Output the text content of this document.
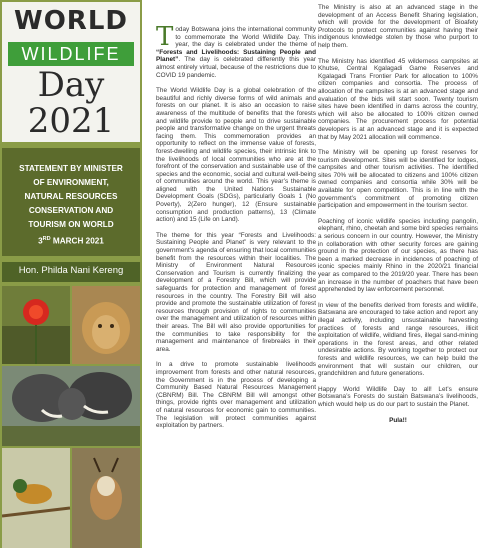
WORLD
WILDLIFE
Day
2021
STATEMENT BY MINISTER
OF ENVIRONMENT,
NATURAL RESOURCES
CONSERVATION AND
TOURISM ON WORLD
3RD MARCH 2021
Hon. Philda Nani Kereng

Today Botswana joins the international community to commemorate the World Wildlife Day. This year, the day is celebrated under the theme of “Forests and Livelihoods: Sustaining People and Planet”. The day is celebrated differently this year almost entirely virtual, because of the restrictions due to COVID 19 pandemic.

The World Wildlife Day is a global celebration of the beautiful and richly diverse forms of wild animals and forests on our planet. It is also an occasion to raise awareness of the multitude of benefits that the forests and wildlife provide to people and to drive sustainable people and transformative change on the urgent threats facing them. This commemoration provides an opportunity to reflect on the immense value of forests, forest-dwelling and wildlife species, their intrinsic link to the livelihoods of local communities who are at the forefront of the conservation and sustainable use of the species and the economic, social and cultural well-being of communities around the world. This year’s theme is aligned with the United Nations Sustainable Development Goals (SDGs), particularly Goals 1 (No Poverty), 2(Zero hunger), 12 (Ensure sustainable consumption and production patterns), 13 (Climate action) and 15 (Life on Land).

The theme for this year “Forests and Livelihoods: Sustaining People and Planet” is very relevant to the government’s agenda of ensuring that local communities benefit from the resources within their localities. The Ministry of Environment Natural Resources Conservation and Tourism is currently finalizing the development of a Forestry Bill, which will provide safeguards for protection and management of forest resources in the country. The Forestry Bill will also provide and promote the sustainable utilization of forest resources through provision of rights to communities over the management and utilization of resources within their areas. The Bill will also provide opportunities for the communities to take responsibility for the management and maintenance of firebreaks in their area.

In a drive to promote sustainable livelihoods improvement from forests and other natural resources, the Government is in the process of developing a Community Based Natural Resources Management (CBNRM) Bill. The CBNRM Bill will amongst other things, provide rights over management and utilization of natural resources for economic gain to communities. The legislation will protect communities against exploitation by partners.

The Ministry is also at an advanced stage in the development of an Access Benefit Sharing legislation, which will provide for the development of Bioafety Protocols to protect communities against having their indigenous knowledge stolen by those who purport to help them.

The Ministry has identified 45 wilderness campsites at Khutse, Central Kgalagadi Game Reserves and Kgalagadi Trans Frontier Park for allocation to 100% citizen companies and consortia. The process of allocation of the campsites is at an advanced stage and evaluation of the bids will start soon. Twenty tourism sites have been identified in dams across the country, which will also be allocated to 100% citizen owned companies. The procurement process for potential developers is at an advanced stage and it is expected that by May 2021 allocation will commence.

The Ministry will be opening up forest reserves for tourism development. Sites will be identified for lodges, campsites and other tourism activities. The identified sites 70% will be allocated to citizens and 100% citizen owned companies and consortia while 30% will be available for open competition. This is in line with the government’s commitment of promoting citizen participation and empowerment in the tourism sector.

Poaching of iconic wildlife species including pangolin, elephant, rhino, cheetah and some bird species remains a serious concern in our country. However, the Ministry in collaboration with other security forces are gaining ground in the protection of our species, as there has been a marked decrease in incidences of poaching of iconic species mainly Rhino in the 2020/21 financial year as compared to the 2019/20 year. There has been an increase in the number of poachers that have been apprehended by law enforcement personnel.

In view of the benefits derived from forests and wildlife, Batswana are encouraged to take action and report any illegal activity, including unsustainable harvesting practices of forests and range resources, illicit exploitation of wildlife, wildland fires, illegal sand-mining operations in the forest areas, and other related undesirable actions. By working together to protect our forests and wildlife resources, we can help build the environment that will sustain our children, our grandchildren and future generations.

Happy World Wildlife Day to all! Let’s ensure Botswana’s Forests do sustain Batswana’s livelihoods, which would help us do our part to sustain the Planet.

Pula!!
